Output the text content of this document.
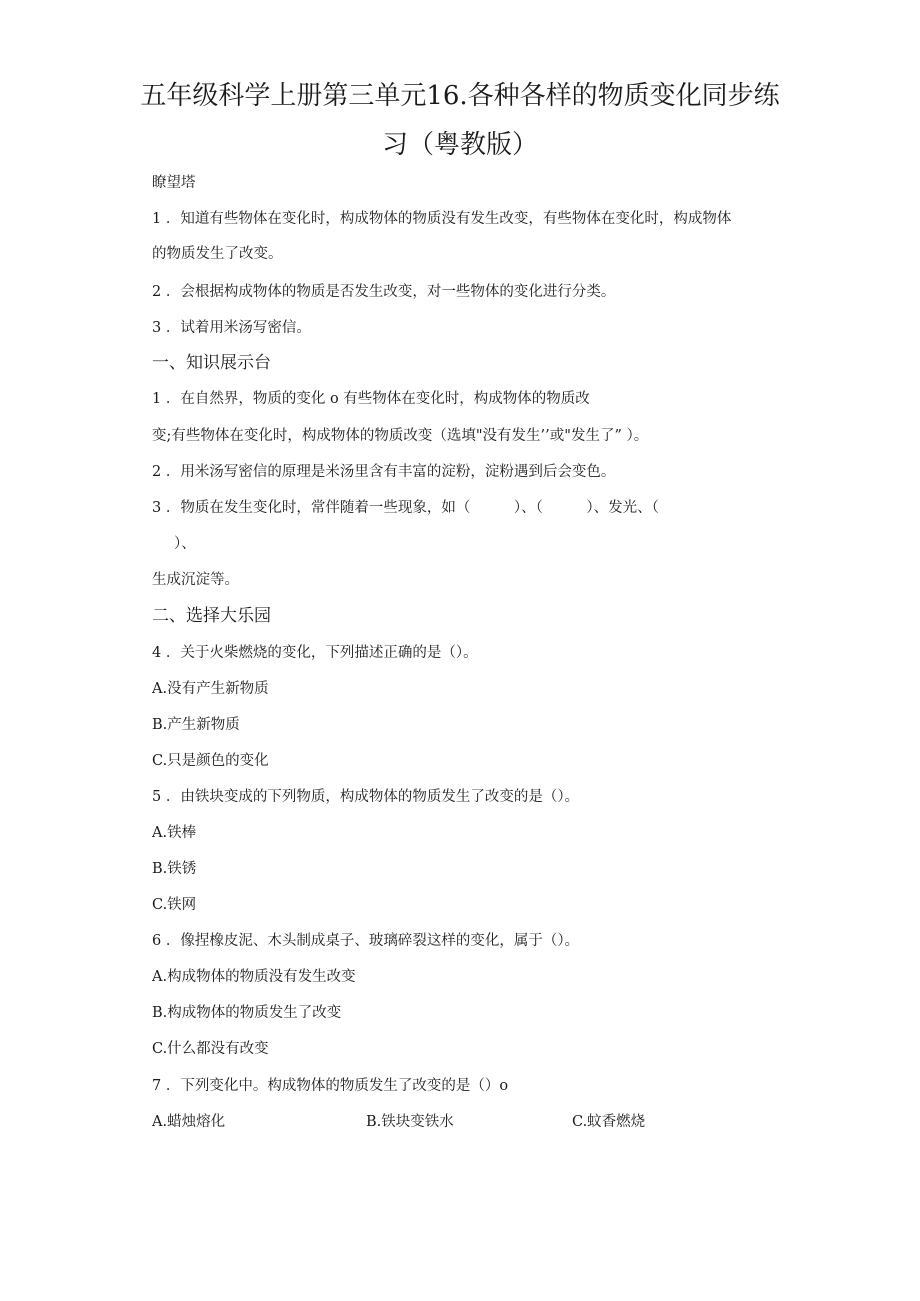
五年级科学上册第三单元16.各种各样的物质变化同步练
习（粤教版）
瞭望塔
1 ．知道有些物体在变化时，构成物体的物质没有发生改变，有些物体在变化时，构成物体
的物质发生了改变。
2 ．会根据构成物体的物质是否发生改变，对一些物体的变化进行分类。
3 ．试着用米汤写密信。
一、知识展示台
1 ．在自然界，物质的变化 o 有些物体在变化时，构成物体的物质改
变;有些物体在变化时，构成物体的物质改变（选填"没有发生’’或"发生了” ）。
2 ．用米汤写密信的原理是米汤里含有丰富的淀粉，淀粉遇到后会变色。
3 ．物质在发生变化时，常伴随着一些现象，如（　　　）、（　　　）、发光、（
）、
生成沉淀等。
二、选择大乐园
4 ．关于火柴燃烧的变化，下列描述正确的是（）。
A.没有产生新物质
B.产生新物质
C.只是颜色的变化
5 ．由铁块变成的下列物质，构成物体的物质发生了改变的是（）。
A.铁棒
B.铁锈
C.铁网
6 ．像捏橡皮泥、木头制成桌子、玻璃碎裂这样的变化，属于（）。
A.构成物体的物质没有发生改变
B.构成物体的物质发生了改变
C.什么都没有改变
7 ．下列变化中。构成物体的物质发生了改变的是（）o
A.蜡烛熔化	B.铁块变铁水	C.蚊香燃烧
